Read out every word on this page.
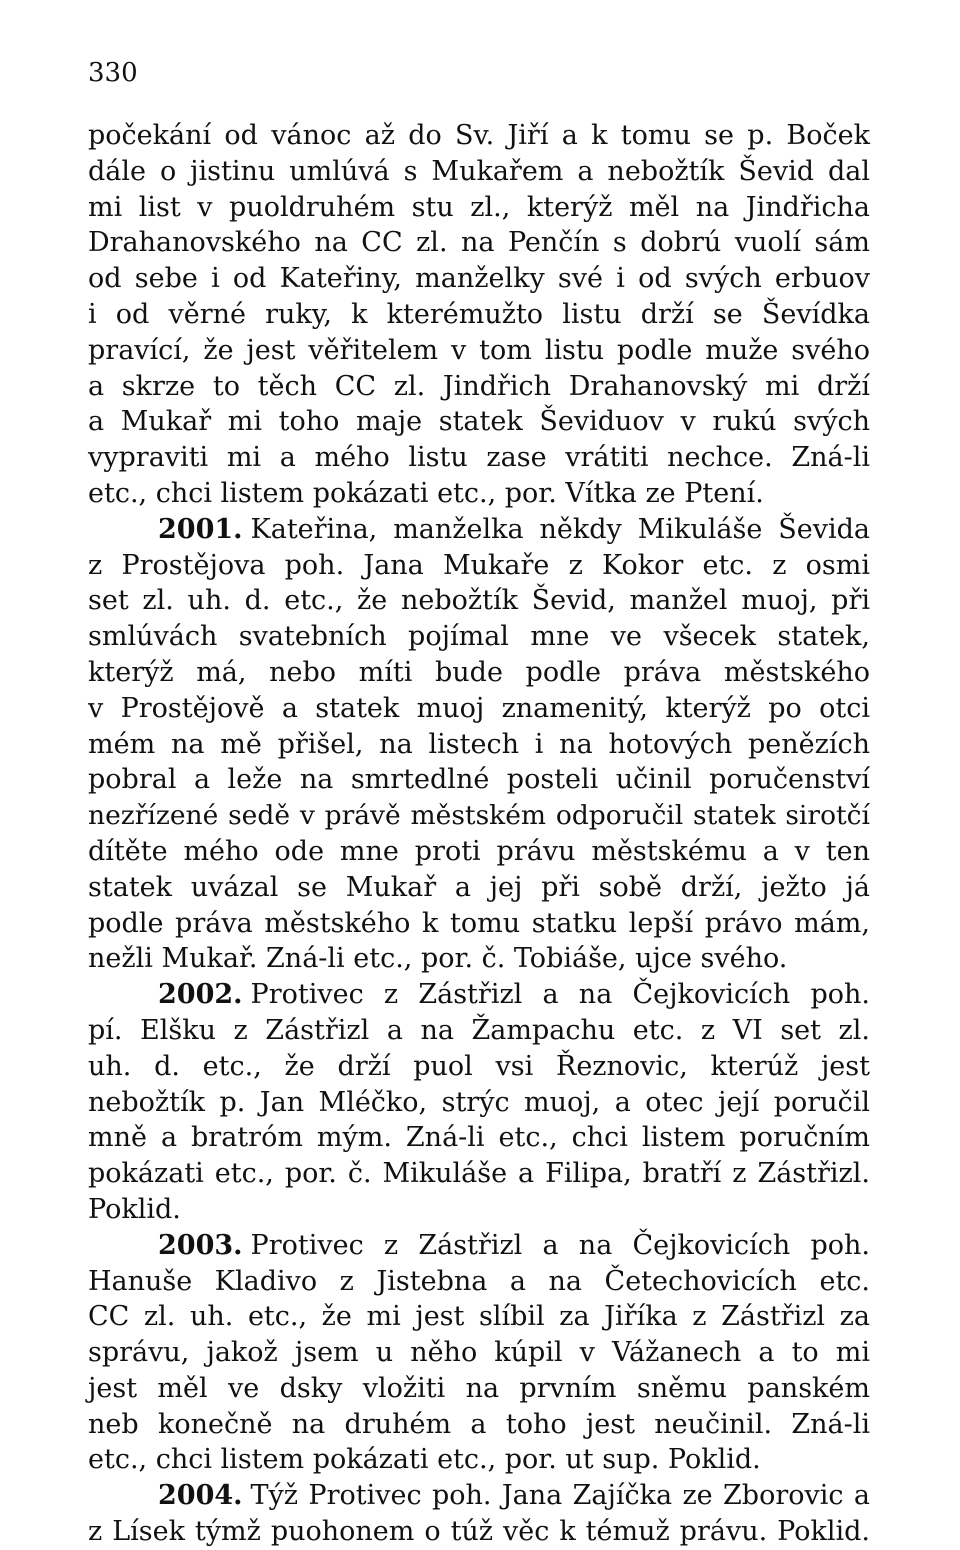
330
počekání od vánoc až do Sv. Jiří a k tomu se p. Boček
dále o jistinu umlúvá s Mukařem a nebožtík Ševid dal
mi list v puoldruhém stu zl., kterýž měl na Jindřicha
Drahanovského na CC zl. na Penčín s dobrú vuolí sám
od sebe i od Kateřiny, manželky své i od svých erbuov
i od věrné ruky, k kterémužto listu drží se Ševídka
pravící, že jest věřitelem v tom listu podle muže svého
a skrze to těch CC zl. Jindřich Drahanovský mi drží
a Mukař mi toho maje statek Ševiduov v rukú svých
vypraviti mi a mého listu zase vrátiti nechce. Zná-li
etc., chci listem pokázati etc., por. Vítka ze Ptení.
2001. Kateřina, manželka někdy Mikuláše Ševida
z Prostějova poh. Jana Mukaře z Kokor etc. z osmi
set zl. uh. d. etc., že nebožtík Ševid, manžel muoj, při
smlúvách svatebních pojímal mne ve všecek statek,
kterýž má, nebo míti bude podle práva městského
v Prostějově a statek muoj znamenitý, kterýž po otci
mém na mě přišel, na listech i na hotových penězích
pobral a leže na smrtedlné posteli učinil poručenství
nezřízené sedě v právě městském odporučil statek sirotčí
dítěte mého ode mne proti právu městskému a v ten
statek uvázal se Mukař a jej při sobě drží, ježto já
podle práva městského k tomu statku lepší právo mám,
nežli Mukař. Zná-li etc., por. č. Tobiáše, ujce svého.
2002. Protivec z Zástřizl a na Čejkovicích poh.
pí. Elšku z Zástřizl a na Žampachu etc. z VI set zl.
uh. d. etc., že drží puol vsi Řeznovic, kterúž jest
nebožtík p. Jan Mléčko, strýc muoj, a otec její poručil
mně a bratróm mým. Zná-li etc., chci listem poručním
pokázati etc., por. č. Mikuláše a Filipa, bratří z Zástřizl.
Poklid.
2003. Protivec z Zástřizl a na Čejkovicích poh.
Hanuše Kladivo z Jistebna a na Četechovicích etc.
CC zl. uh. etc., že mi jest slíbil za Jiříka z Zástřizl za
správu, jakož jsem u něho kúpil v Vážanech a to mi
jest měl ve dsky vložiti na prvním sněmu panském
neb konečně na druhém a toho jest neučinil. Zná-li
etc., chci listem pokázati etc., por. ut sup. Poklid.
2004. Týž Protivec poh. Jana Zajíčka ze Zborovic a
z Lísek týmž puohonem o túž věc k témuž právu. Poklid.
